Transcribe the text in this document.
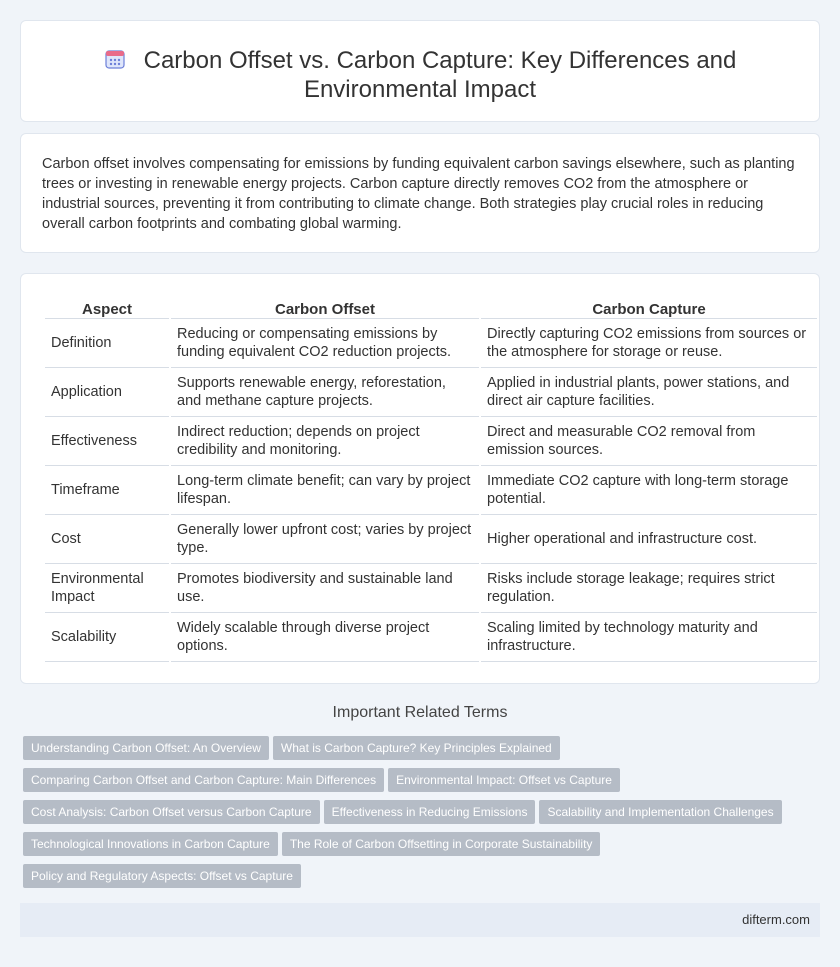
Carbon Offset vs. Carbon Capture: Key Differences and
Environmental Impact

Carbon offset involves compensating for emissions by funding equivalent carbon savings elsewhere, such as planting trees or investing in renewable energy projects. Carbon capture directly removes CO2 from the atmosphere or industrial sources, preventing it from contributing to climate change. Both strategies play crucial roles in reducing overall carbon footprints and combating global warming.

Aspect	Carbon Offset	Carbon Capture
Definition	Reducing or compensating emissions by funding equivalent CO2 reduction projects.	Directly capturing CO2 emissions from sources or the atmosphere for storage or reuse.
Application	Supports renewable energy, reforestation, and methane capture projects.	Applied in industrial plants, power stations, and direct air capture facilities.
Effectiveness	Indirect reduction; depends on project credibility and monitoring.	Direct and measurable CO2 removal from emission sources.
Timeframe	Long-term climate benefit; can vary by project lifespan.	Immediate CO2 capture with long-term storage potential.
Cost	Generally lower upfront cost; varies by project type.	Higher operational and infrastructure cost.
Environmental Impact	Promotes biodiversity and sustainable land use.	Risks include storage leakage; requires strict regulation.
Scalability	Widely scalable through diverse project options.	Scaling limited by technology maturity and infrastructure.
Important Related Terms
Understanding Carbon Offset: An Overview What is Carbon Capture? Key Principles Explained
Comparing Carbon Offset and Carbon Capture: Main Differences Environmental Impact: Offset vs Capture
Cost Analysis: Carbon Offset versus Carbon Capture Effectiveness in Reducing Emissions Scalability and Implementation Challenges
Technological Innovations in Carbon Capture The Role of Carbon Offsetting in Corporate Sustainability
Policy and Regulatory Aspects: Offset vs Capture
difterm.com
